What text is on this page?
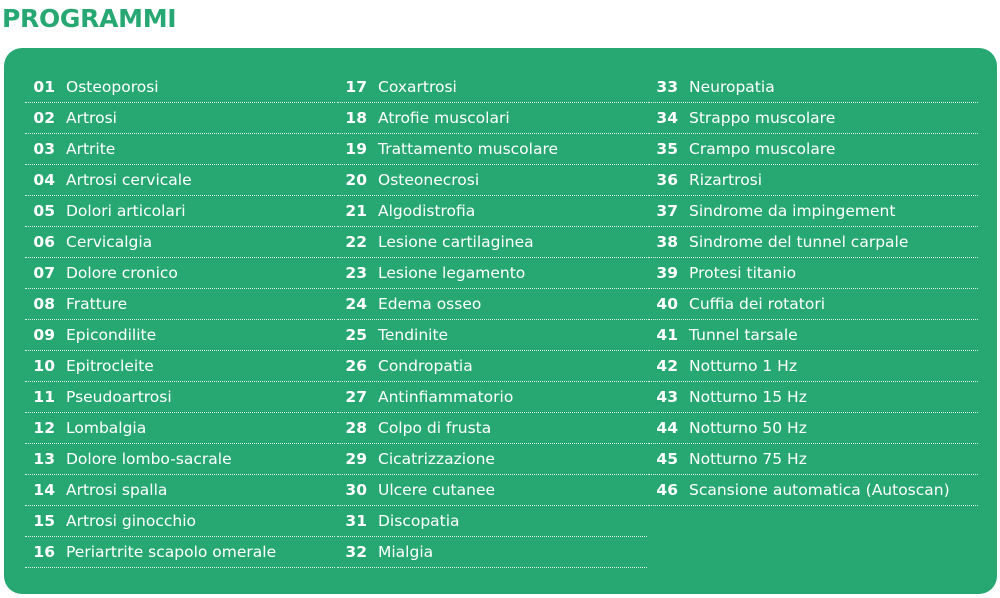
PROGRAMMI
01 Osteoporosi
02 Artrosi
03 Artrite
04 Artrosi cervicale
05 Dolori articolari
06 Cervicalgia
07 Dolore cronico
08 Fratture
09 Epicondilite
10 Epitrocleite
11 Pseudoartrosi
12 Lombalgia
13 Dolore lombo-sacrale
14 Artrosi spalla
15 Artrosi ginocchio
16 Periartrite scapolo omerale
17 Coxartrosi
18 Atrofie muscolari
19 Trattamento muscolare
20 Osteonecrosi
21 Algodistrofia
22 Lesione cartilaginea
23 Lesione legamento
24 Edema osseo
25 Tendinite
26 Condropatia
27 Antinfiammatorio
28 Colpo di frusta
29 Cicatrizzazione
30 Ulcere cutanee
31 Discopatia
32 Mialgia
33 Neuropatia
34 Strappo muscolare
35 Crampo muscolare
36 Rizartrosi
37 Sindrome da impingement
38 Sindrome del tunnel carpale
39 Protesi titanio
40 Cuffia dei rotatori
41 Tunnel tarsale
42 Notturno 1 Hz
43 Notturno 15 Hz
44 Notturno 50 Hz
45 Notturno 75 Hz
46 Scansione automatica (Autoscan)
